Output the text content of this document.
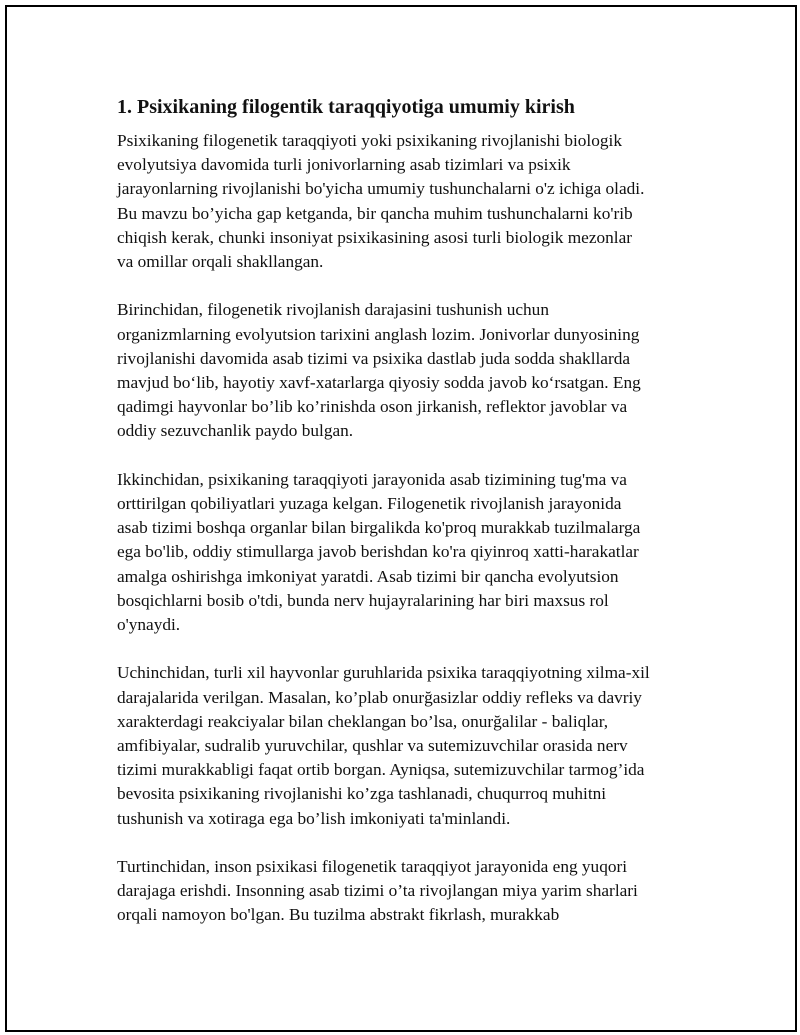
1. Psixikaning filogentik taraqqiyotiga umumiy kirish

Psixikaning filogenetik taraqqiyoti yoki psixikaning rivojlanishi biologik
evolyutsiya davomida turli jonivorlarning asab tizimlari va psixik
jarayonlarning rivojlanishi bo'yicha umumiy tushunchalarni o'z ichiga oladi.
Bu mavzu bo’yicha gap ketganda, bir qancha muhim tushunchalarni ko'rib
chiqish kerak, chunki insoniyat psixikasining asosi turli biologik mezonlar
va omillar orqali shakllangan.

Birinchidan, filogenetik rivojlanish darajasini tushunish uchun
organizmlarning evolyutsion tarixini anglash lozim. Jonivorlar dunyosining
rivojlanishi davomida asab tizimi va psixika dastlab juda sodda shakllarda
mavjud bo‘lib, hayotiy xavf-xatarlarga qiyosiy sodda javob ko‘rsatgan. Eng
qadimgi hayvonlar bo’lib ko’rinishda oson jirkanish, reflektor javoblar va
oddiy sezuvchanlik paydo bulgan.

Ikkinchidan, psixikaning taraqqiyoti jarayonida asab tizimining tug'ma va
orttirilgan qobiliyatlari yuzaga kelgan. Filogenetik rivojlanish jarayonida
asab tizimi boshqa organlar bilan birgalikda ko'proq murakkab tuzilmalarga
ega bo'lib, oddiy stimullarga javob berishdan ko'ra qiyinroq xatti-harakatlar
amalga oshirishga imkoniyat yaratdi. Asab tizimi bir qancha evolyutsion
bosqichlarni bosib o'tdi, bunda nerv hujayralarining har biri maxsus rol
o'ynaydi.

Uchinchidan, turli xil hayvonlar guruhlarida psixika taraqqiyotning xilma-xil
darajalarida verilgan. Masalan, ko’plab onurğasizlar oddiy refleks va davriy
xarakterdagi reakciyalar bilan cheklangan bo’lsa, onurğalilar - baliqlar,
amfibiyalar, sudralib yuruvchilar, qushlar va sutemizuvchilar orasida nerv
tizimi murakkabligi faqat ortib borgan. Ayniqsa, sutemizuvchilar tarmog’ida
bevosita psixikaning rivojlanishi ko’zga tashlanadi, chuqurroq muhitni
tushunish va xotiraga ega bo’lish imkoniyati ta'minlandi.

Turtinchidan, inson psixikasi filogenetik taraqqiyot jarayonida eng yuqori
darajaga erishdi. Insonning asab tizimi o’ta rivojlangan miya yarim sharlari
orqali namoyon bo'lgan. Bu tuzilma abstrakt fikrlash, murakkab
